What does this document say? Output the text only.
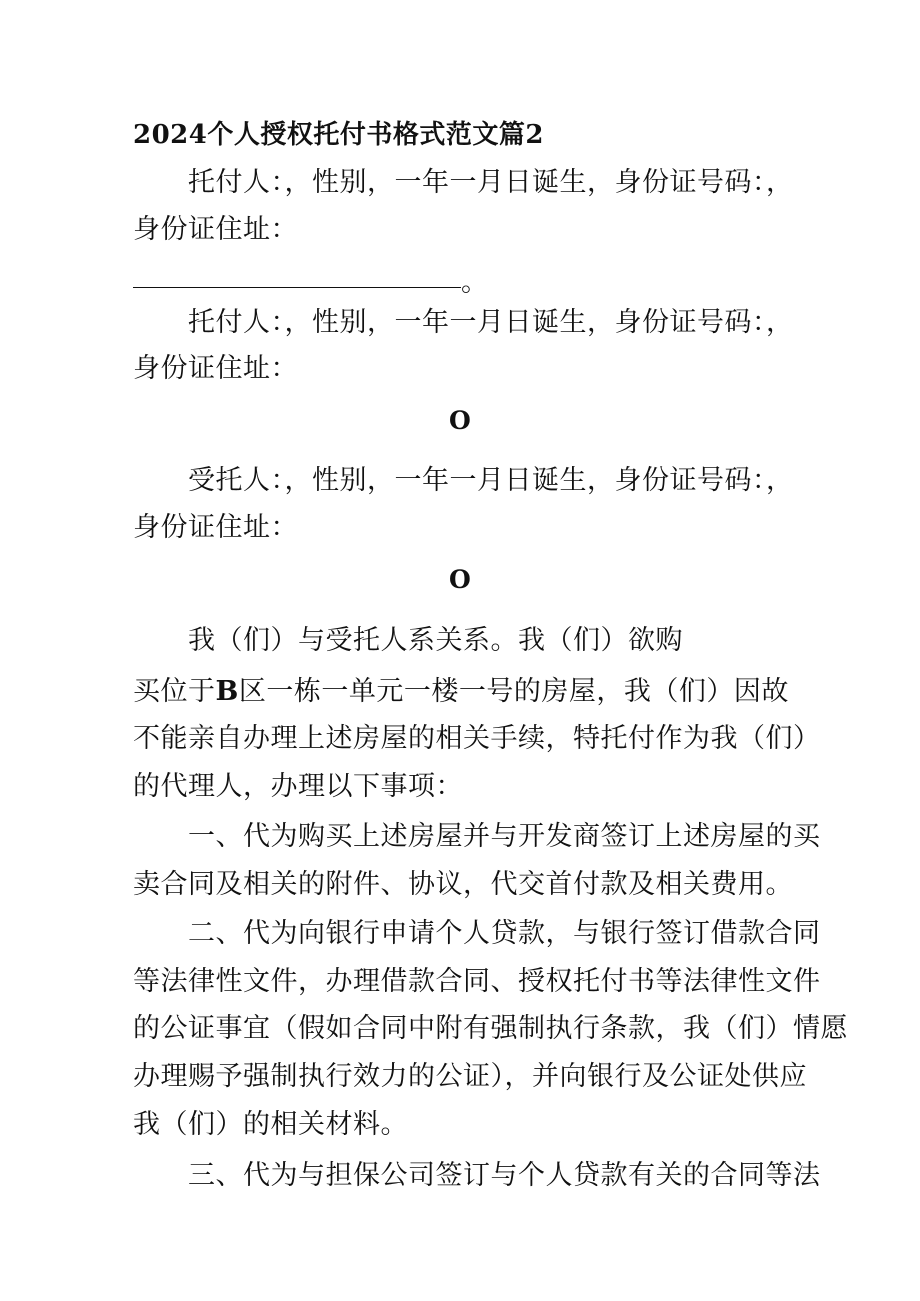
2024个人授权托付书格式范文篇2
托付人：，性别，一年一月日诞生，身份证号码：，
身份证住址：
。
托付人：，性别，一年一月日诞生，身份证号码：，
身份证住址：
O
受托人：，性别，一年一月日诞生，身份证号码：，
身份证住址：
O
我（们）与受托人系关系。我（们）欲购
买位于B区一栋一单元一楼一号的房屋，我（们）因故
不能亲自办理上述房屋的相关手续，特托付作为我（们）
的代理人，办理以下事项：
一、代为购买上述房屋并与开发商签订上述房屋的买
卖合同及相关的附件、协议，代交首付款及相关费用。
二、代为向银行申请个人贷款，与银行签订借款合同
等法律性文件，办理借款合同、授权托付书等法律性文件
的公证事宜（假如合同中附有强制执行条款，我（们）情愿
办理赐予强制执行效力的公证），并向银行及公证处供应
我（们）的相关材料。
三、代为与担保公司签订与个人贷款有关的合同等法
